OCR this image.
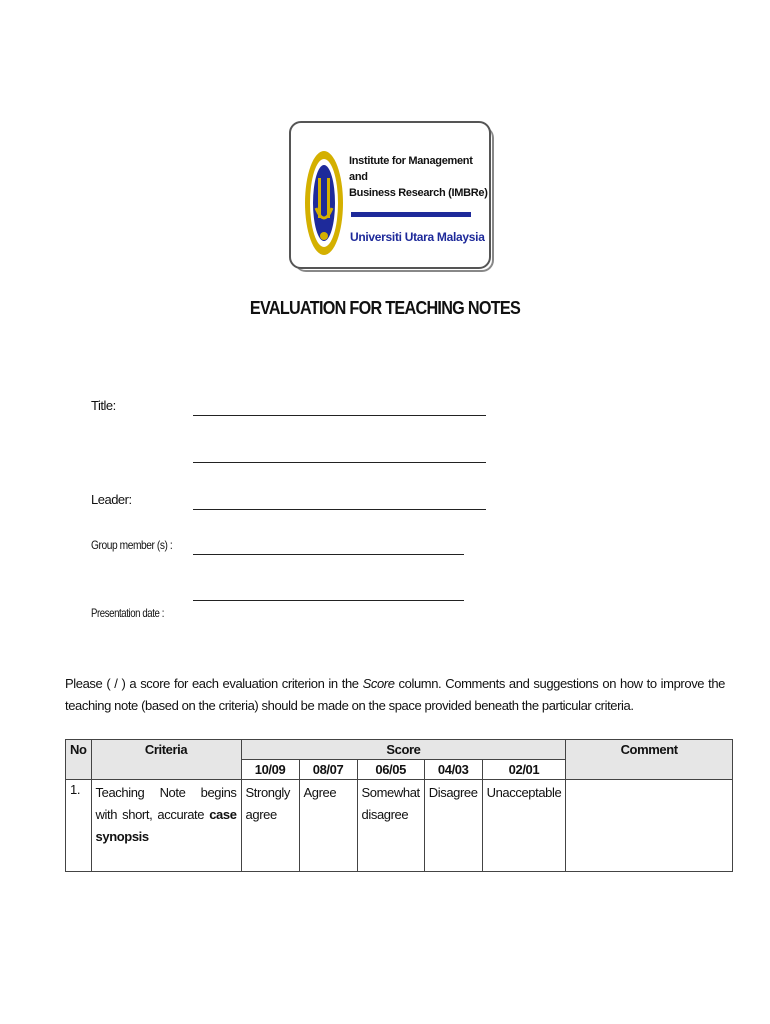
Institute for Management and
Business Research (IMBRe)
Universiti Utara Malaysia
EVALUATION FOR TEACHING NOTES
Title:
Leader:
Group member (s) :
Presentation date :
Please ( / ) a score for each evaluation criterion in the Score column. Comments and suggestions on how to improve the teaching note (based on the criteria) should be made on the space provided beneath the particular criteria.
No	Criteria	Score					Comment
		10/09	08/07	06/05	04/03	02/01	
1.	Teaching Note begins with short, accurate case synopsis	Strongly agree	Agree	Somewhat disagree	Disagree	Unacceptable	
